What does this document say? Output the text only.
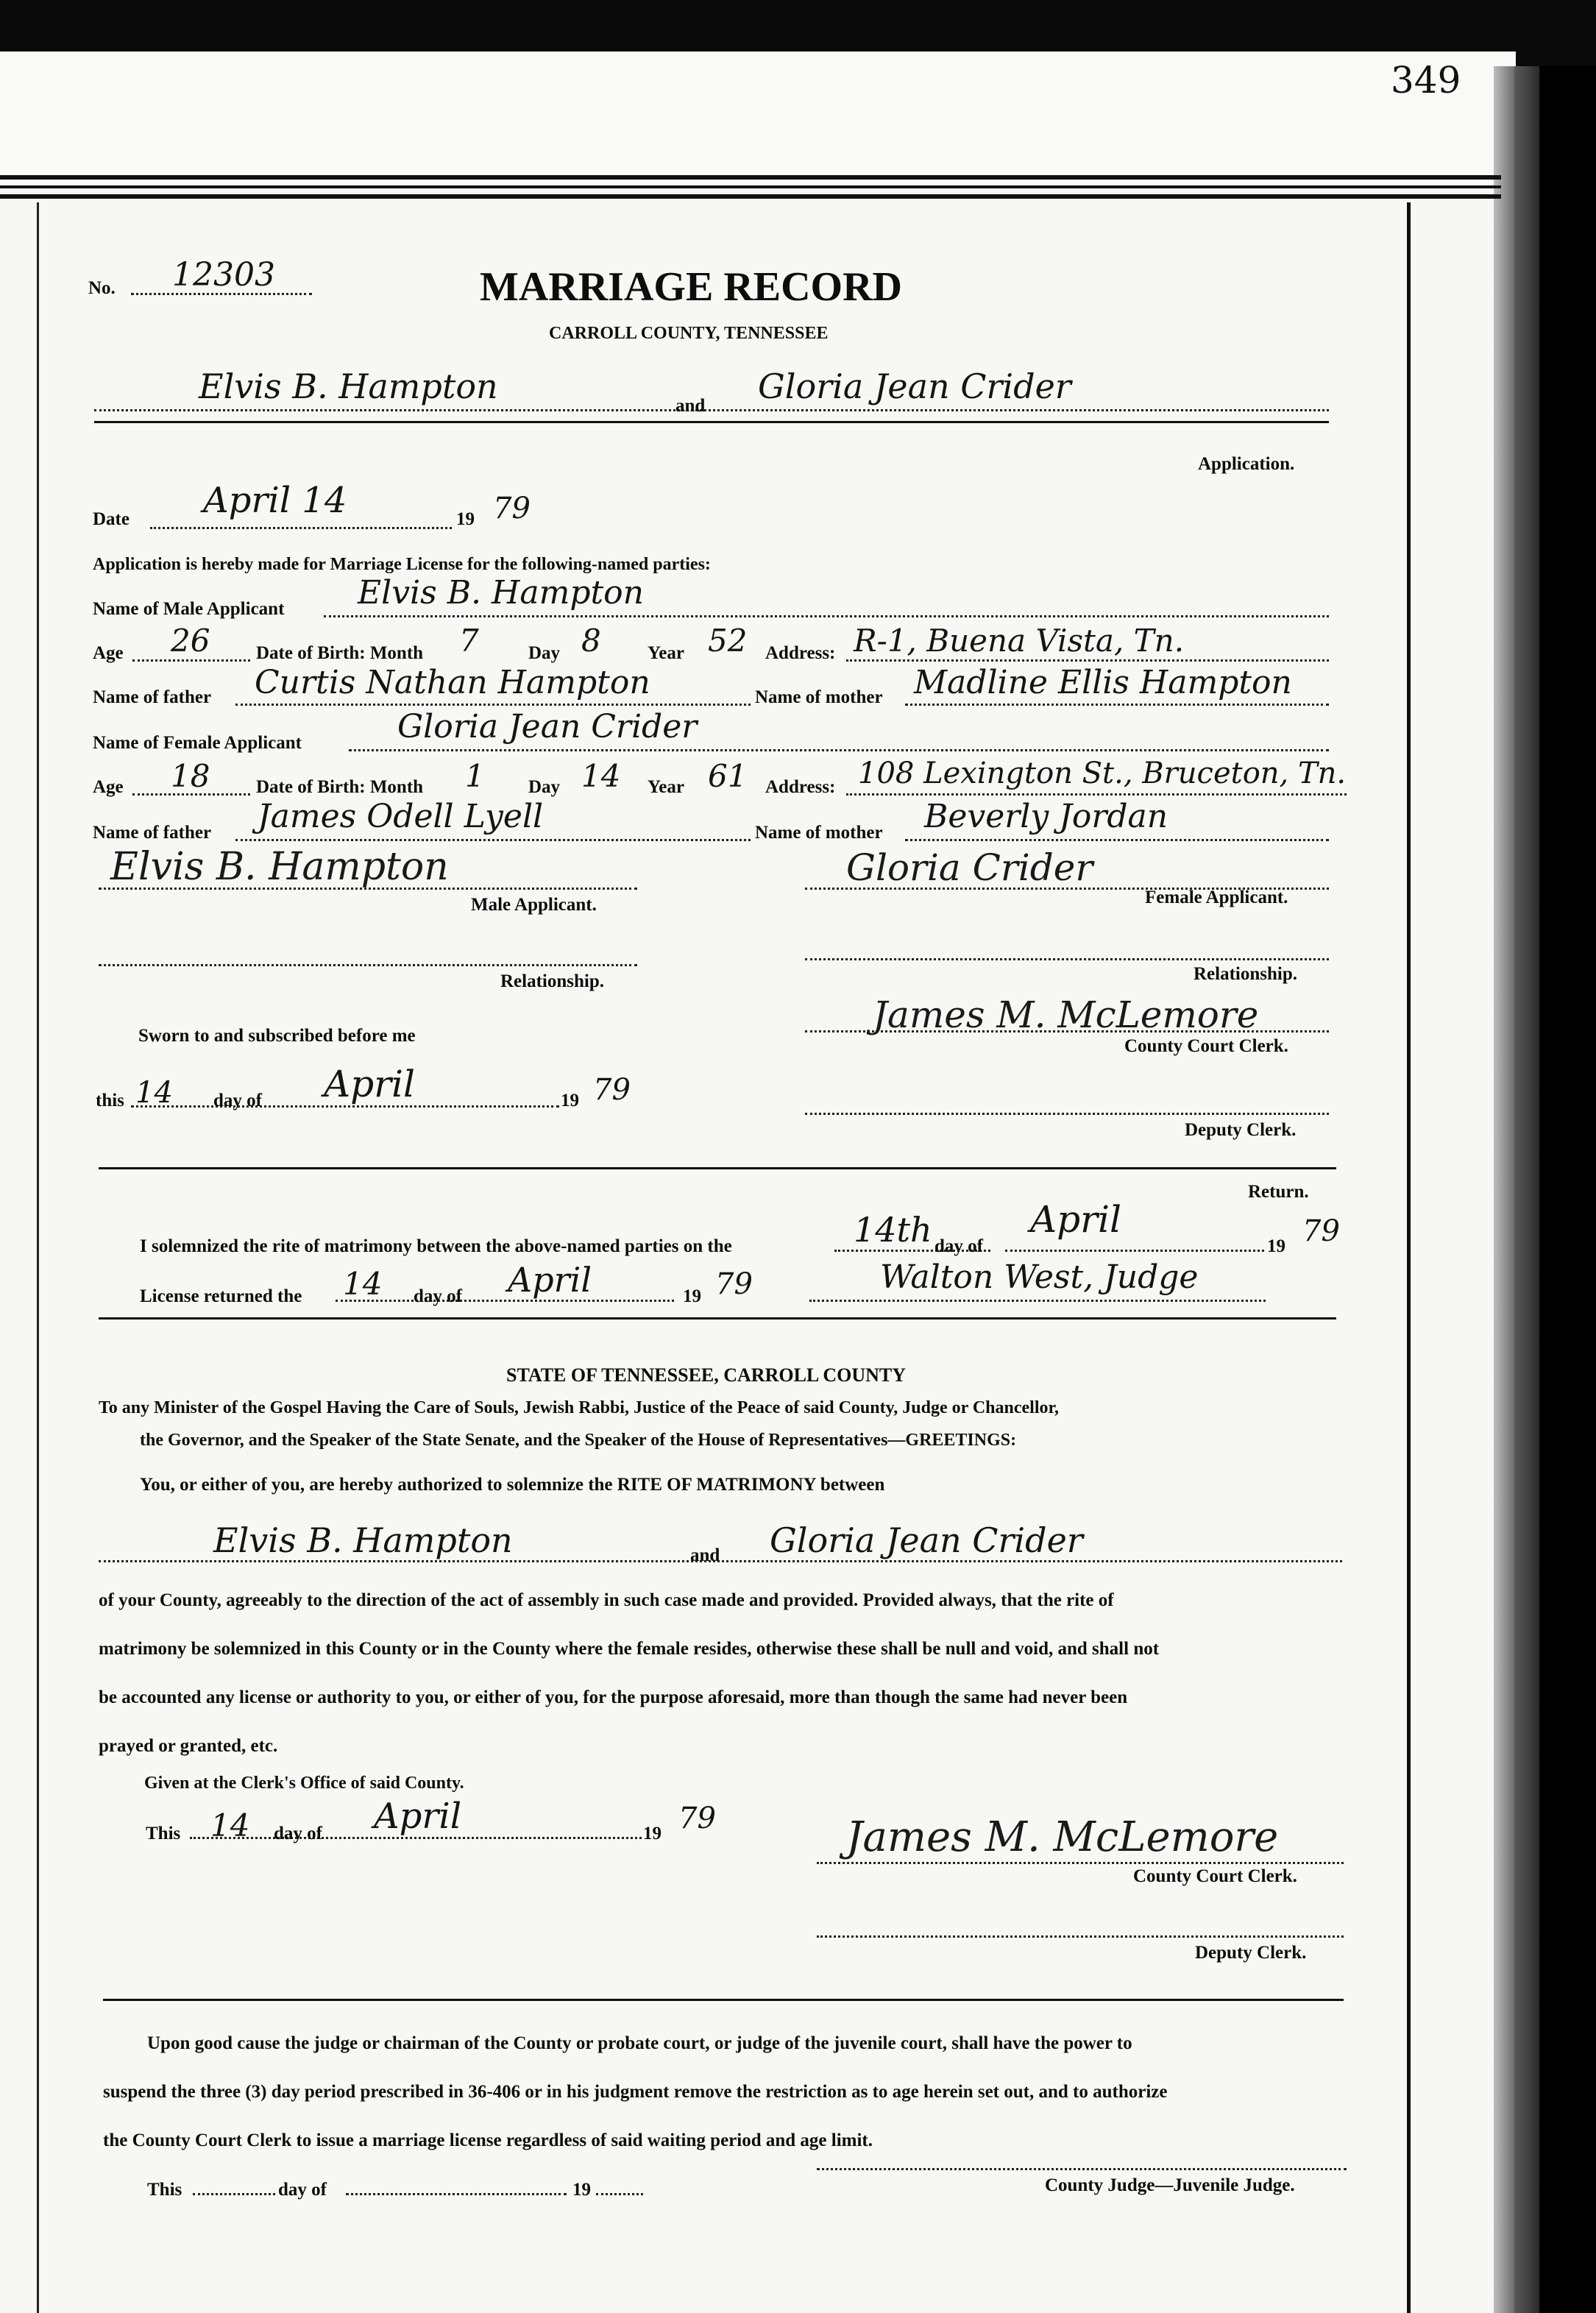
349
No. 12303	MARRIAGE RECORD
CARROLL COUNTY, TENNESSEE
Elvis B. Hampton	and Gloria Jean Crider
Application.
Date April 14	19 79
Application is hereby made for Marriage License for the following-named parties:
Name of Male Applicant Elvis B. Hampton
Age 26	Date of Birth: Month 7	Day 8	Year 52 Address: R-1, Buena Vista, Tn.
Name of father Curtis Nathan Hampton	Name of mother Madline Ellis Hampton
Name of Female Applicant	Gloria Jean Crider
Age 18	Date of Birth: Month 1 Day 14 Year 61 Address: 108 Lexington St., Bruceton, Tn.
Name of father James Odell Lyell	Name of mother Beverly Jordan
Elvis B. Hampton
Male Applicant.
Gloria Crider
Female Applicant.
Relationship.	Relationship.
Sworn to and subscribed before me	James M. McLemore
County Court Clerk.
this 14 day of April	19 79
Deputy Clerk.
Return.
I solemnized the rite of matrimony between the above-named parties on the	14th day of
April
19 79
License returned the 14 day of April	19 79	Walton West, Judge
STATE OF TENNESSEE, CARROLL COUNTY
To any Minister of the Gospel Having the Care of Souls, Jewish Rabbi, Justice of the Peace of said County, Judge or Chancellor,
the Governor, and the Speaker of the State Senate, and the Speaker of the House of Representatives—GREETINGS:
You, or either of you, are hereby authorized to solemnize the RITE OF MATRIMONY between
Elvis B. Hampton	and Gloria Jean Crider
of your County, agreeably to the direction of the act of assembly in such case made and provided. Provided always, that the rite of
matrimony be solemnized in this County or in the County where the female resides, otherwise these shall be null and void, and shall not
be accounted any license or authority to you, or either of you, for the purpose aforesaid, more than though the same had never been
prayed or granted, etc.
Given at the Clerk's Office of said County.
This 14 day of April	19 79	James M. McLemore
County Court Clerk.
Deputy Clerk.
Upon good cause the judge or chairman of the County or probate court, or judge of the juvenile court, shall have the power to
suspend the three (3) day period prescribed in 36-406 or in his judgment remove the restriction as to age herein set out, and to authorize
the County Court Clerk to issue a marriage license regardless of said waiting period and age limit.
This	day of	19	County Judge—Juvenile Judge.
